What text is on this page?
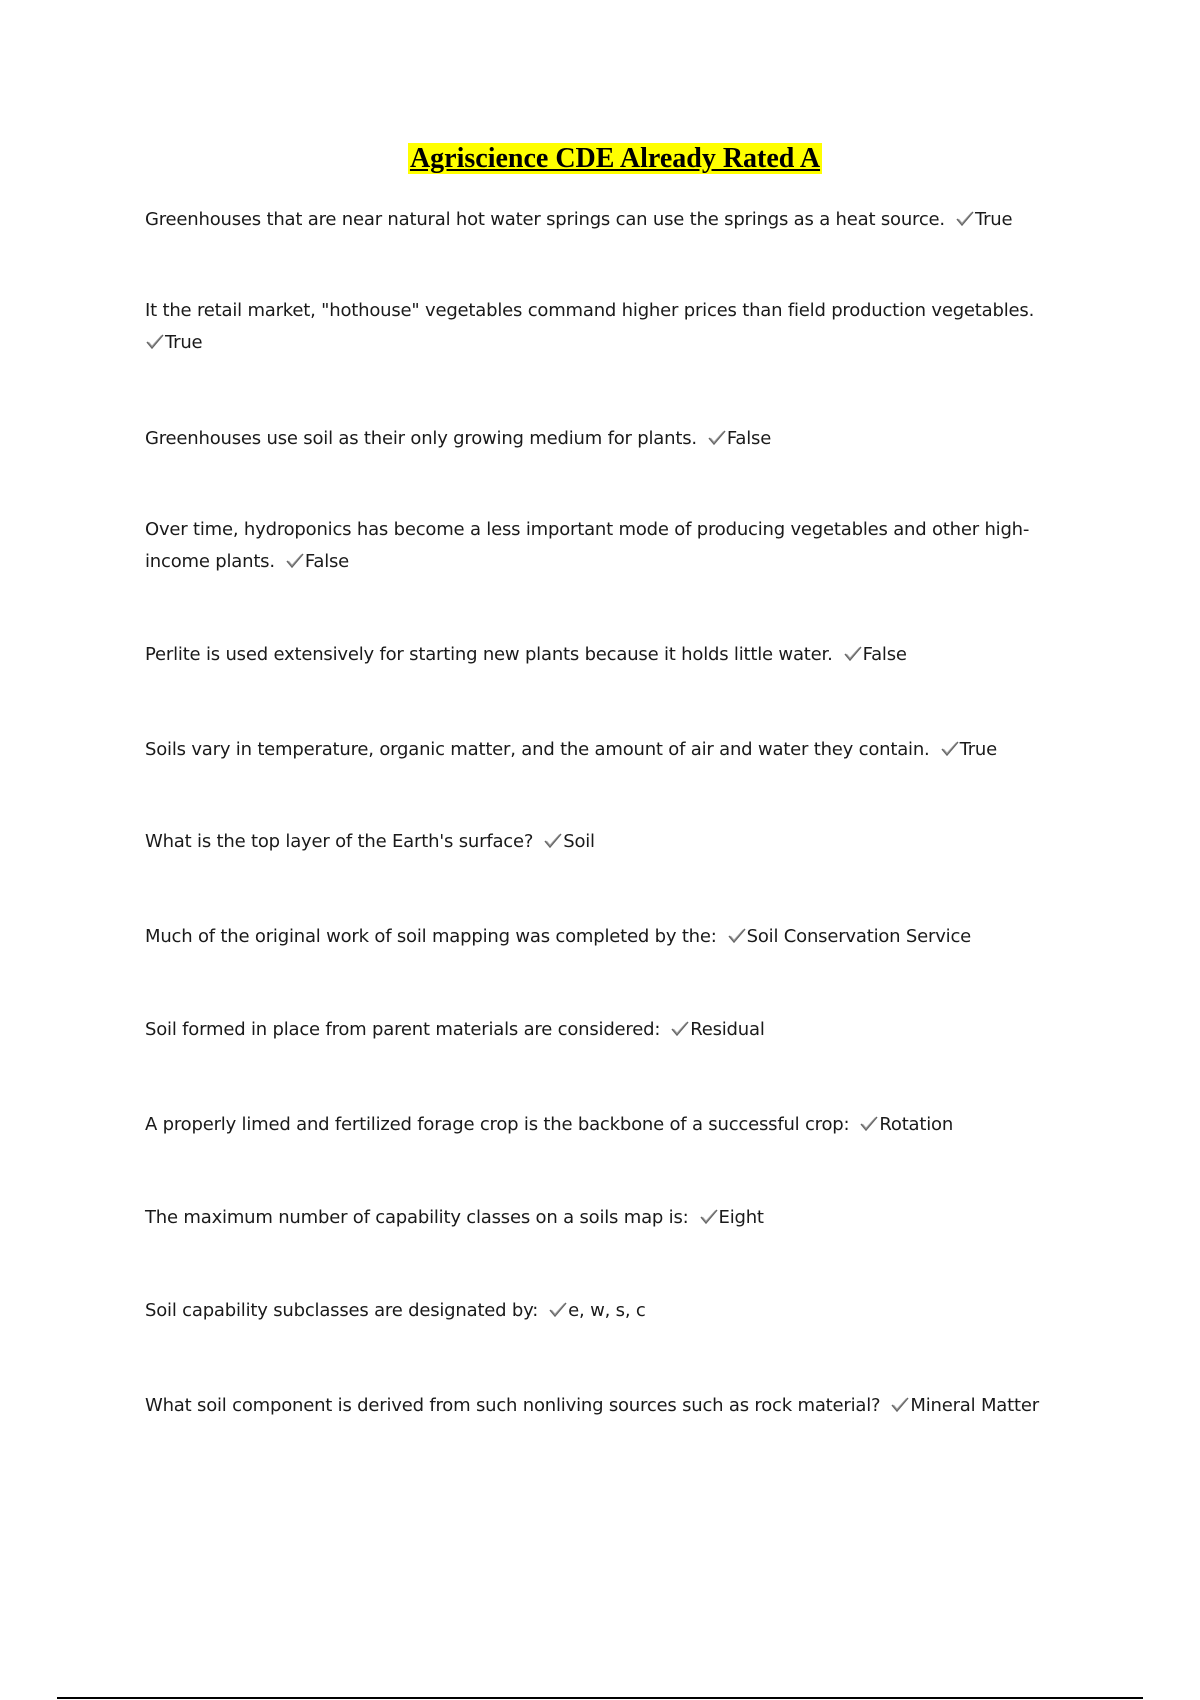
Agriscience CDE Already Rated A
Greenhouses that are near natural hot water springs can use the springs as a heat source. True
It the retail market, "hothouse" vegetables command higher prices than field production vegetables.

True
Greenhouses use soil as their only growing medium for plants. False
Over time, hydroponics has become a less important mode of producing vegetables and other high-income plants. False
Perlite is used extensively for starting new plants because it holds little water. False
Soils vary in temperature, organic matter, and the amount of air and water they contain. True
What is the top layer of the Earth's surface? Soil
Much of the original work of soil mapping was completed by the: Soil Conservation Service
Soil formed in place from parent materials are considered: Residual
A properly limed and fertilized forage crop is the backbone of a successful crop: Rotation
The maximum number of capability classes on a soils map is: Eight
Soil capability subclasses are designated by: e, w, s, c
What soil component is derived from such nonliving sources such as rock material? Mineral Matter
